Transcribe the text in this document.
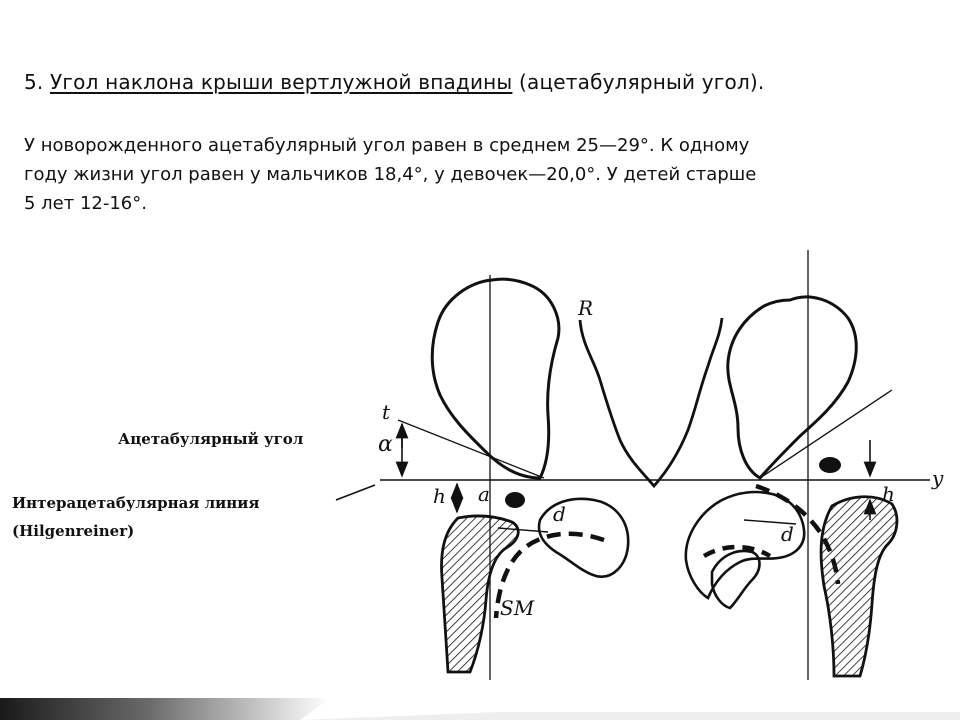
5. Угол наклона крыши вертлужной впадины (ацетабулярный угол).

У новорожденного ацетабулярный угол равен в среднем 25—29°. К одному

году жизни угол равен у мальчиков 18,4°, у девочек—20,0°. У детей старше

5 лет 12-16°.

R
t
α
y
h a
d
d
h
SM
Ацетабулярный угол
Интерацетабулярная линия
(Hilgenreiner)
